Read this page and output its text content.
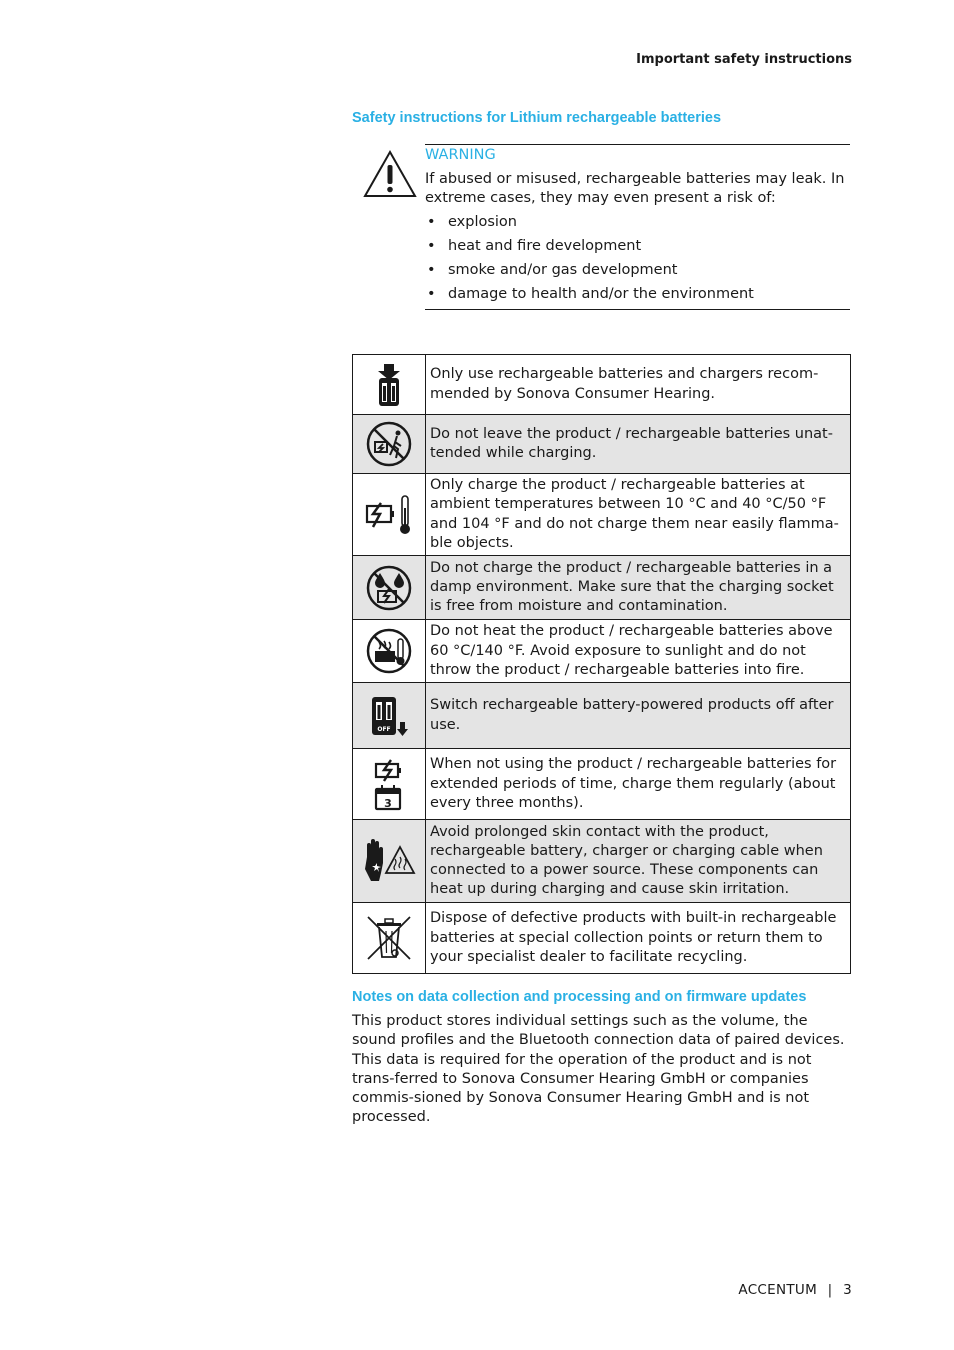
Important safety instructions
Safety instructions for Lithium rechargeable batteries
WARNING
If abused or misused, rechargeable batteries may leak. In extreme cases, they may even present a risk of:
• explosion
• heat and fire development
• smoke and/or gas development
• damage to health and/or the environment
	Only use rechargeable batteries and chargers recom-mended by Sonova Consumer Hearing.

	Do not leave the product / rechargeable batteries unat-tended while charging.

	Only charge the product / rechargeable batteries at ambient temperatures between 10 °C and 40 °C/50 °F and 104 °F and do not charge them near easily flamma-ble objects.

	Do not charge the product / rechargeable batteries in a damp environment. Make sure that the charging socket is free from moisture and contamination.

	Do not heat the product / rechargeable batteries above 60 °C/140 °F. Avoid exposure to sunlight and do not throw the product / rechargeable batteries into fire.

OFF	Switch rechargeable battery-powered products off after use.

3	When not using the product / rechargeable batteries for extended periods of time, charge them regularly (about every three months).

	Avoid prolonged skin contact with the product, rechargeable battery, charger or charging cable when connected to a power source. These components can heat up during charging and cause skin irritation.

	Dispose of defective products with built-in rechargeable batteries at special collection points or return them to your specialist dealer to facilitate recycling.
Notes on data collection and processing and on firmware updates
This product stores individual settings such as the volume, the sound profiles and the Bluetooth connection data of paired devices. This data is required for the operation of the product and is not trans-ferred to Sonova Consumer Hearing GmbH or companies commis-sioned by Sonova Consumer Hearing GmbH and is not processed.
ACCENTUM | 3
